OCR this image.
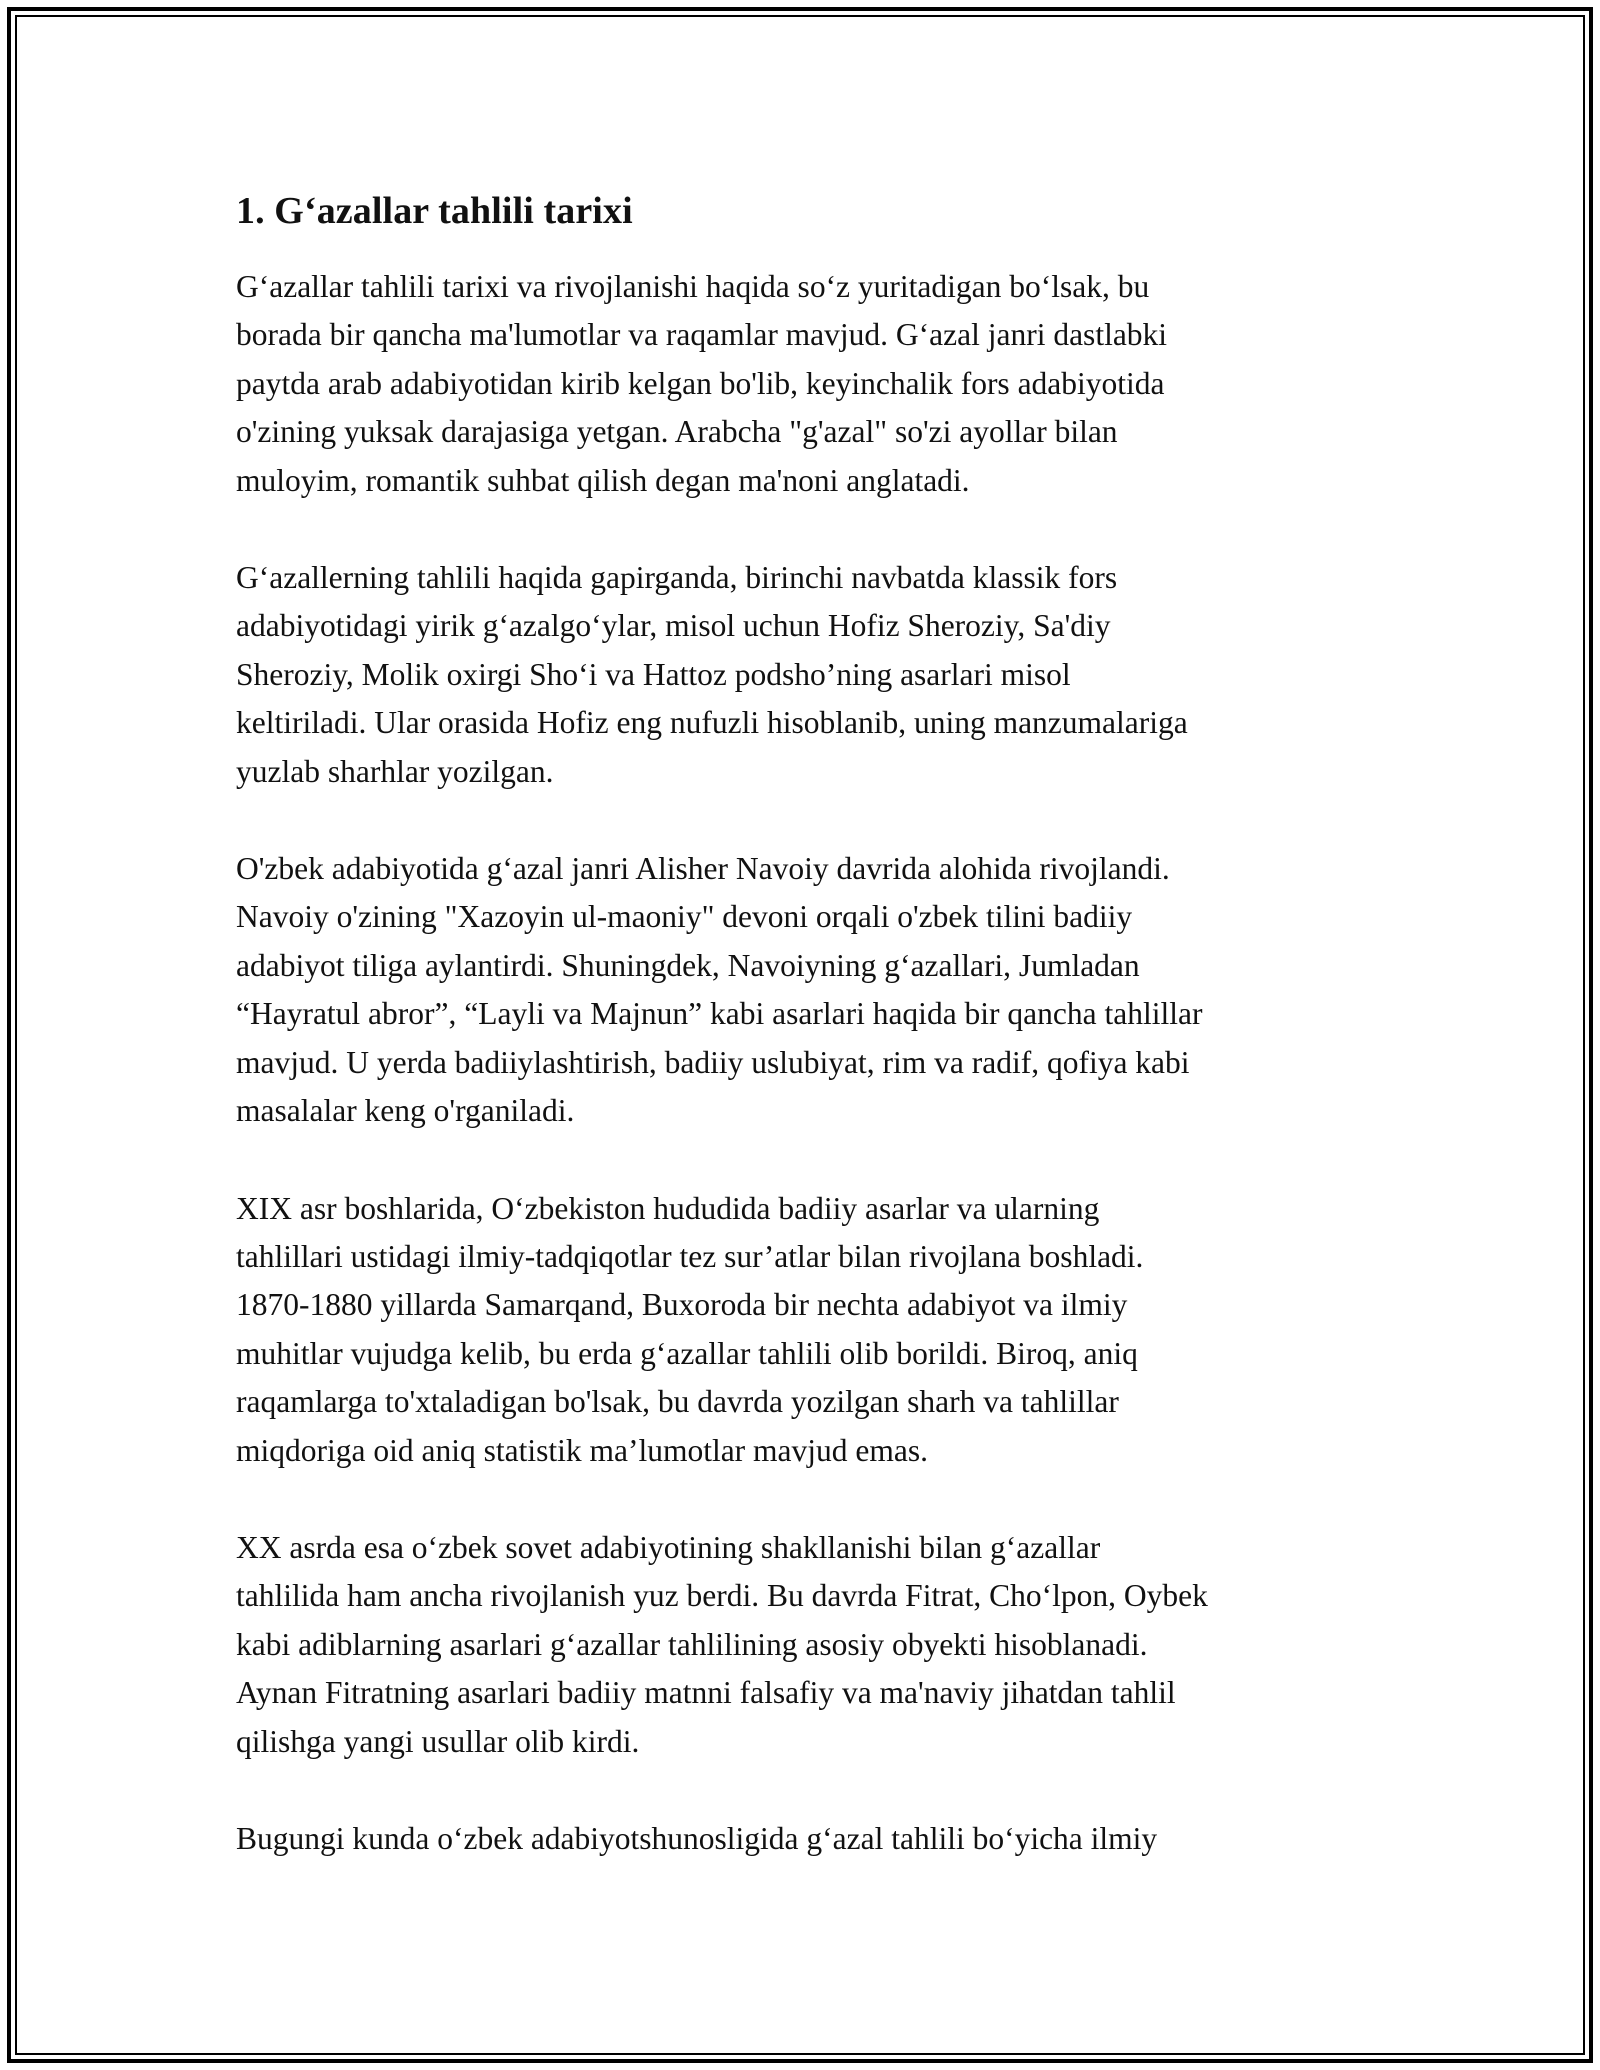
1. G‘azallar tahlili tarixi

G‘azallar tahlili tarixi va rivojlanishi haqida so‘z yuritadigan bo‘lsak, bu
borada bir qancha ma'lumotlar va raqamlar mavjud. G‘azal janri dastlabki
paytda arab adabiyotidan kirib kelgan bo'lib, keyinchalik fors adabiyotida
o'zining yuksak darajasiga yetgan. Arabcha "g'azal" so'zi ayollar bilan
muloyim, romantik suhbat qilish degan ma'noni anglatadi.

G‘azallerning tahlili haqida gapirganda, birinchi navbatda klassik fors
adabiyotidagi yirik g‘azalgo‘ylar, misol uchun Hofiz Sheroziy, Sa'diy
Sheroziy, Molik oxirgi Sho‘i va Hattoz podsho’ning asarlari misol
keltiriladi. Ular orasida Hofiz eng nufuzli hisoblanib, uning manzumalariga
yuzlab sharhlar yozilgan.

O'zbek adabiyotida g‘azal janri Alisher Navoiy davrida alohida rivojlandi.
Navoiy o'zining "Xazoyin ul-maoniy" devoni orqali o'zbek tilini badiiy
adabiyot tiliga aylantirdi. Shuningdek, Navoiyning g‘azallari, Jumladan
“Hayratul abror”, “Layli va Majnun” kabi asarlari haqida bir qancha tahlillar
mavjud. U yerda badiiylashtirish, badiiy uslubiyat, rim va radif, qofiya kabi
masalalar keng o'rganiladi.

XIX asr boshlarida, O‘zbekiston hududida badiiy asarlar va ularning
tahlillari ustidagi ilmiy-tadqiqotlar tez sur’atlar bilan rivojlana boshladi.
1870-1880 yillarda Samarqand, Buxoroda bir nechta adabiyot va ilmiy
muhitlar vujudga kelib, bu erda g‘azallar tahlili olib borildi. Biroq, aniq
raqamlarga to'xtaladigan bo'lsak, bu davrda yozilgan sharh va tahlillar
miqdoriga oid aniq statistik ma’lumotlar mavjud emas.

XX asrda esa o‘zbek sovet adabiyotining shakllanishi bilan g‘azallar
tahlilida ham ancha rivojlanish yuz berdi. Bu davrda Fitrat, Cho‘lpon, Oybek
kabi adiblarning asarlari g‘azallar tahlilining asosiy obyekti hisoblanadi.
Aynan Fitratning asarlari badiiy matnni falsafiy va ma'naviy jihatdan tahlil
qilishga yangi usullar olib kirdi.

Bugungi kunda o‘zbek adabiyotshunosligida g‘azal tahlili bo‘yicha ilmiy
